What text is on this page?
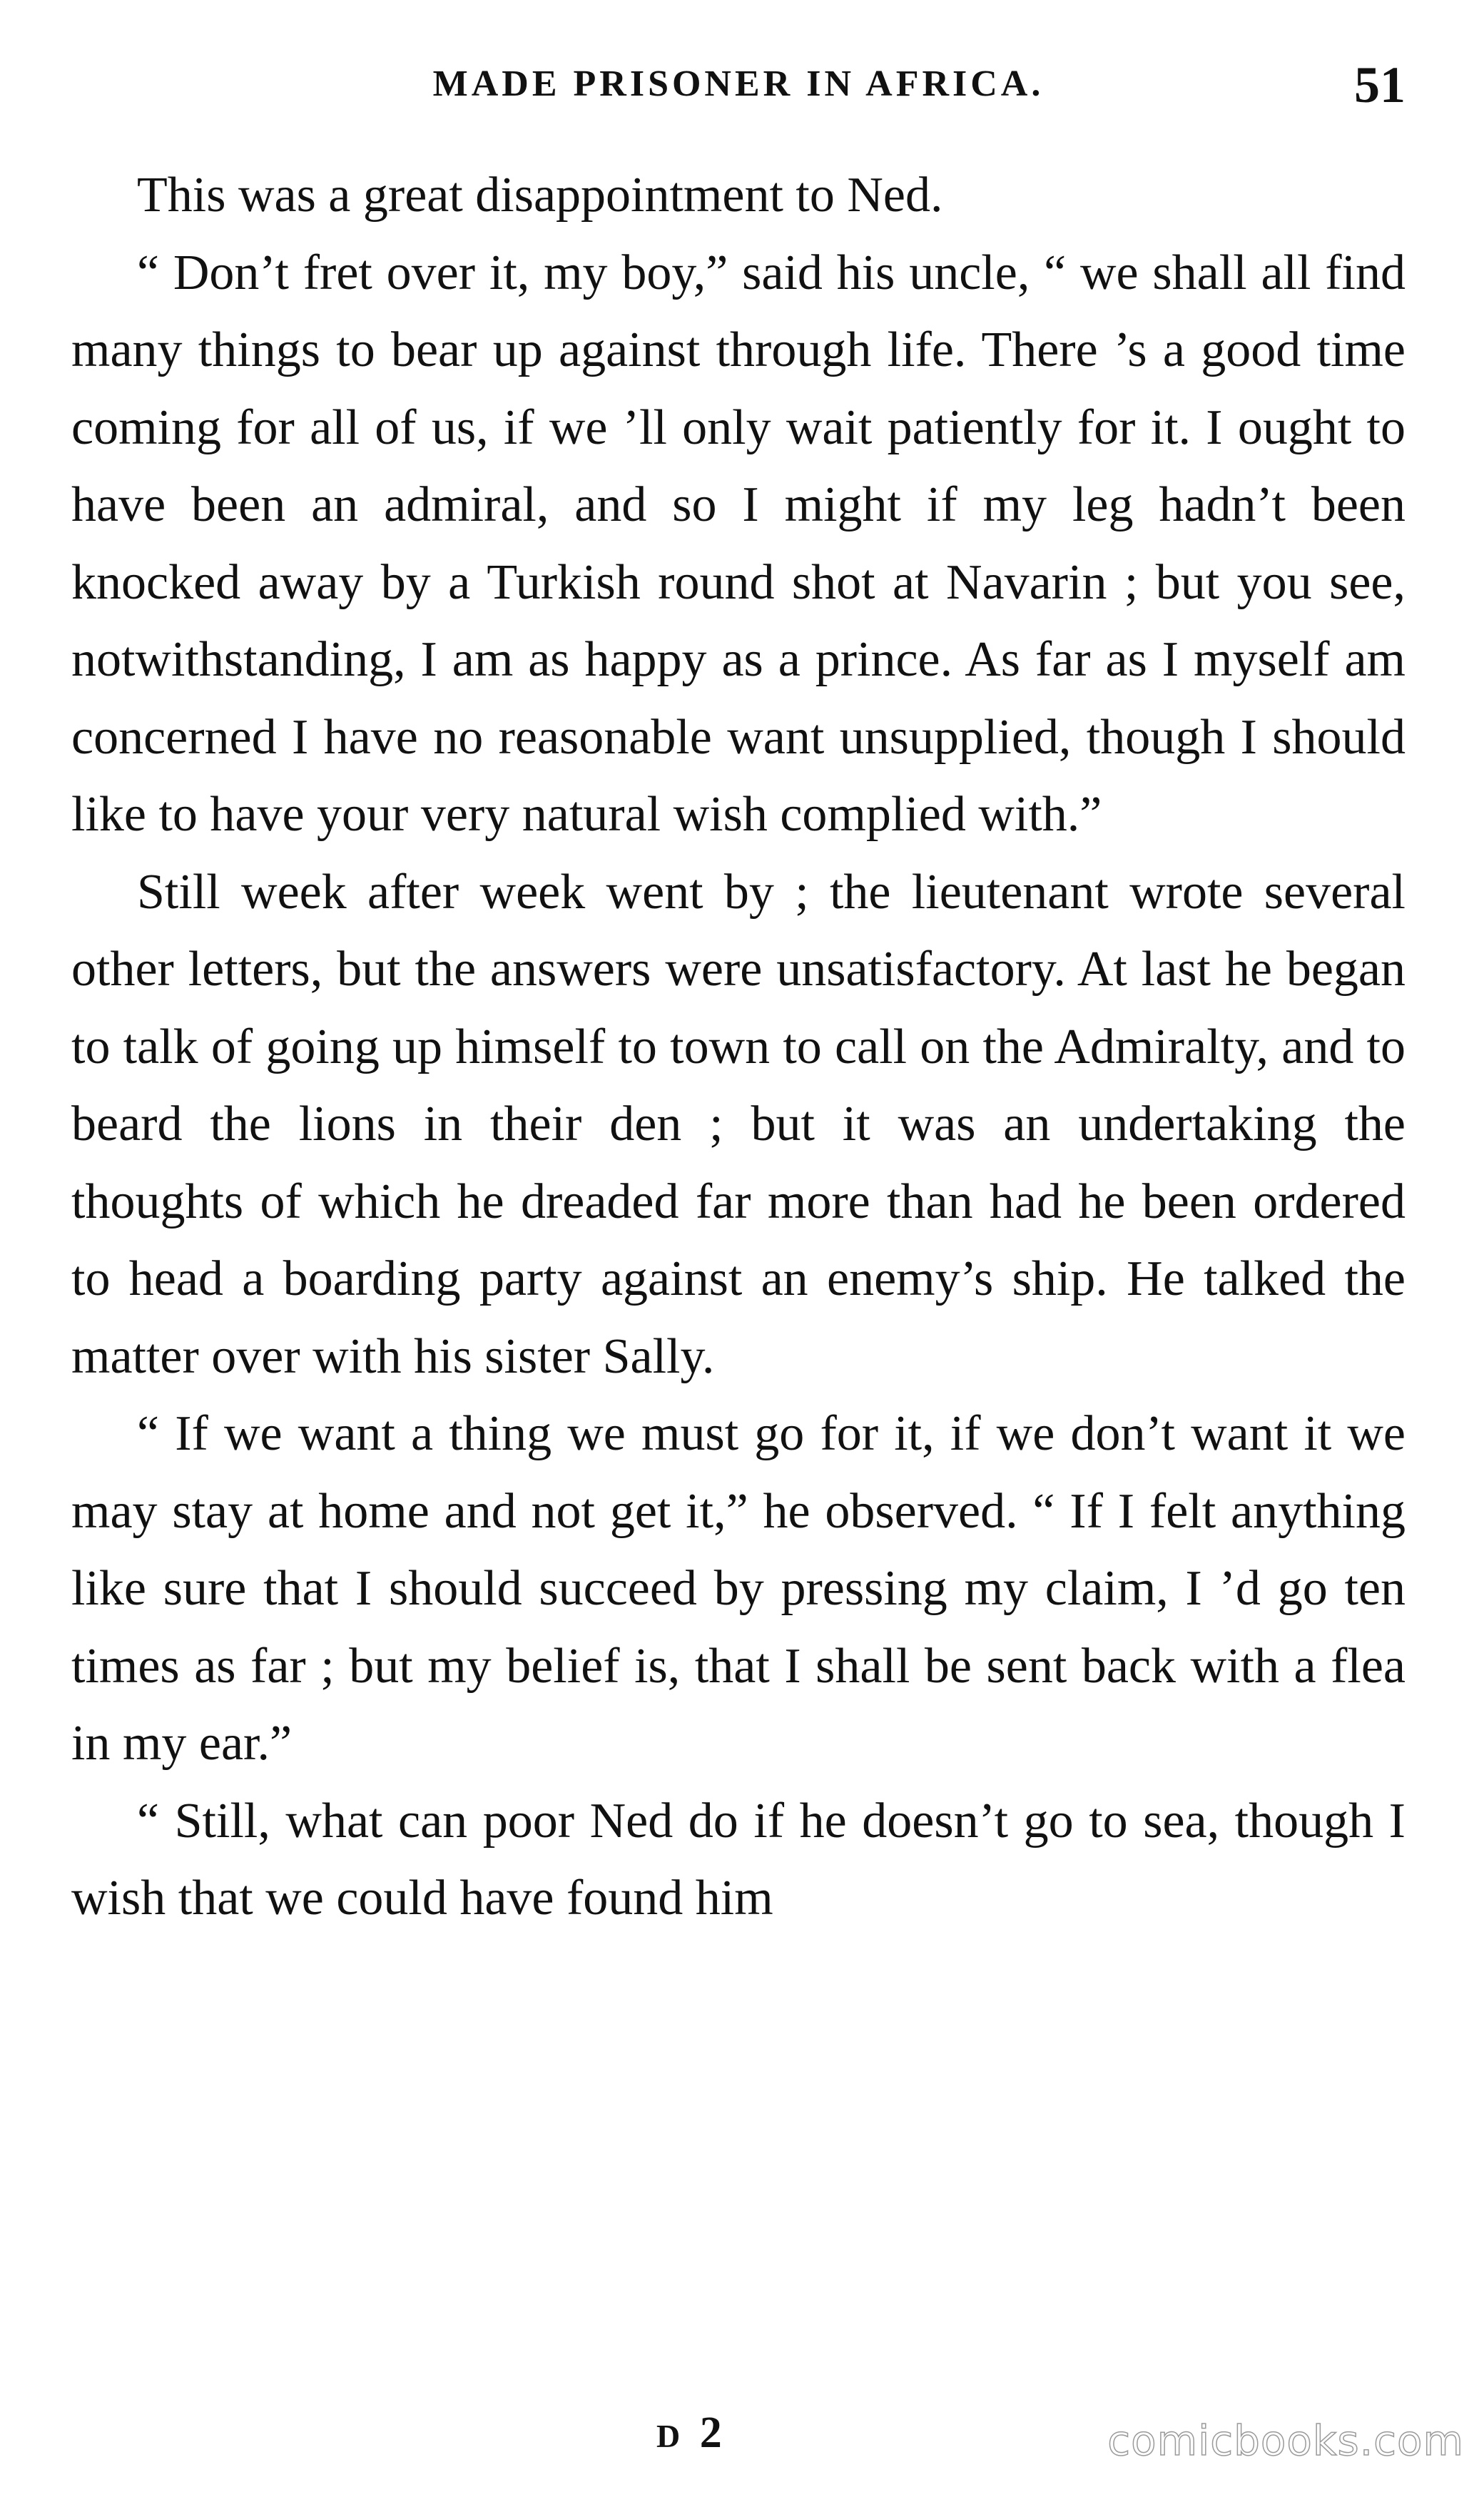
MADE PRISONER IN AFRICA.	51

This was a great disappointment to Ned.

“ Don’t fret over it, my boy,” said his uncle, “ we shall all find many things to bear up against through life. There ’s a good time coming for all of us, if we ’ll only wait patiently for it. I ought to have been an admiral, and so I might if my leg hadn’t been knocked away by a Turkish round shot at Navarin ; but you see, notwithstanding, I am as happy as a prince. As far as I myself am concerned I have no reasonable want unsupplied, though I should like to have your very natural wish complied with.”

Still week after week went by ; the lieutenant wrote several other letters, but the answers were unsatisfactory. At last he began to talk of going up himself to town to call on the Admiralty, and to beard the lions in their den ; but it was an undertaking the thoughts of which he dreaded far more than had he been ordered to head a boarding party against an enemy’s ship. He talked the matter over with his sister Sally.

“ If we want a thing we must go for it, if we don’t want it we may stay at home and not get it,” he observed. “ If I felt anything like sure that I should succeed by pressing my claim, I ’d go ten times as far ; but my belief is, that I shall be sent back with a flea in my ear.”

“ Still, what can poor Ned do if he doesn’t go to sea, though I wish that we could have found him

D 2	comicbooks.com
